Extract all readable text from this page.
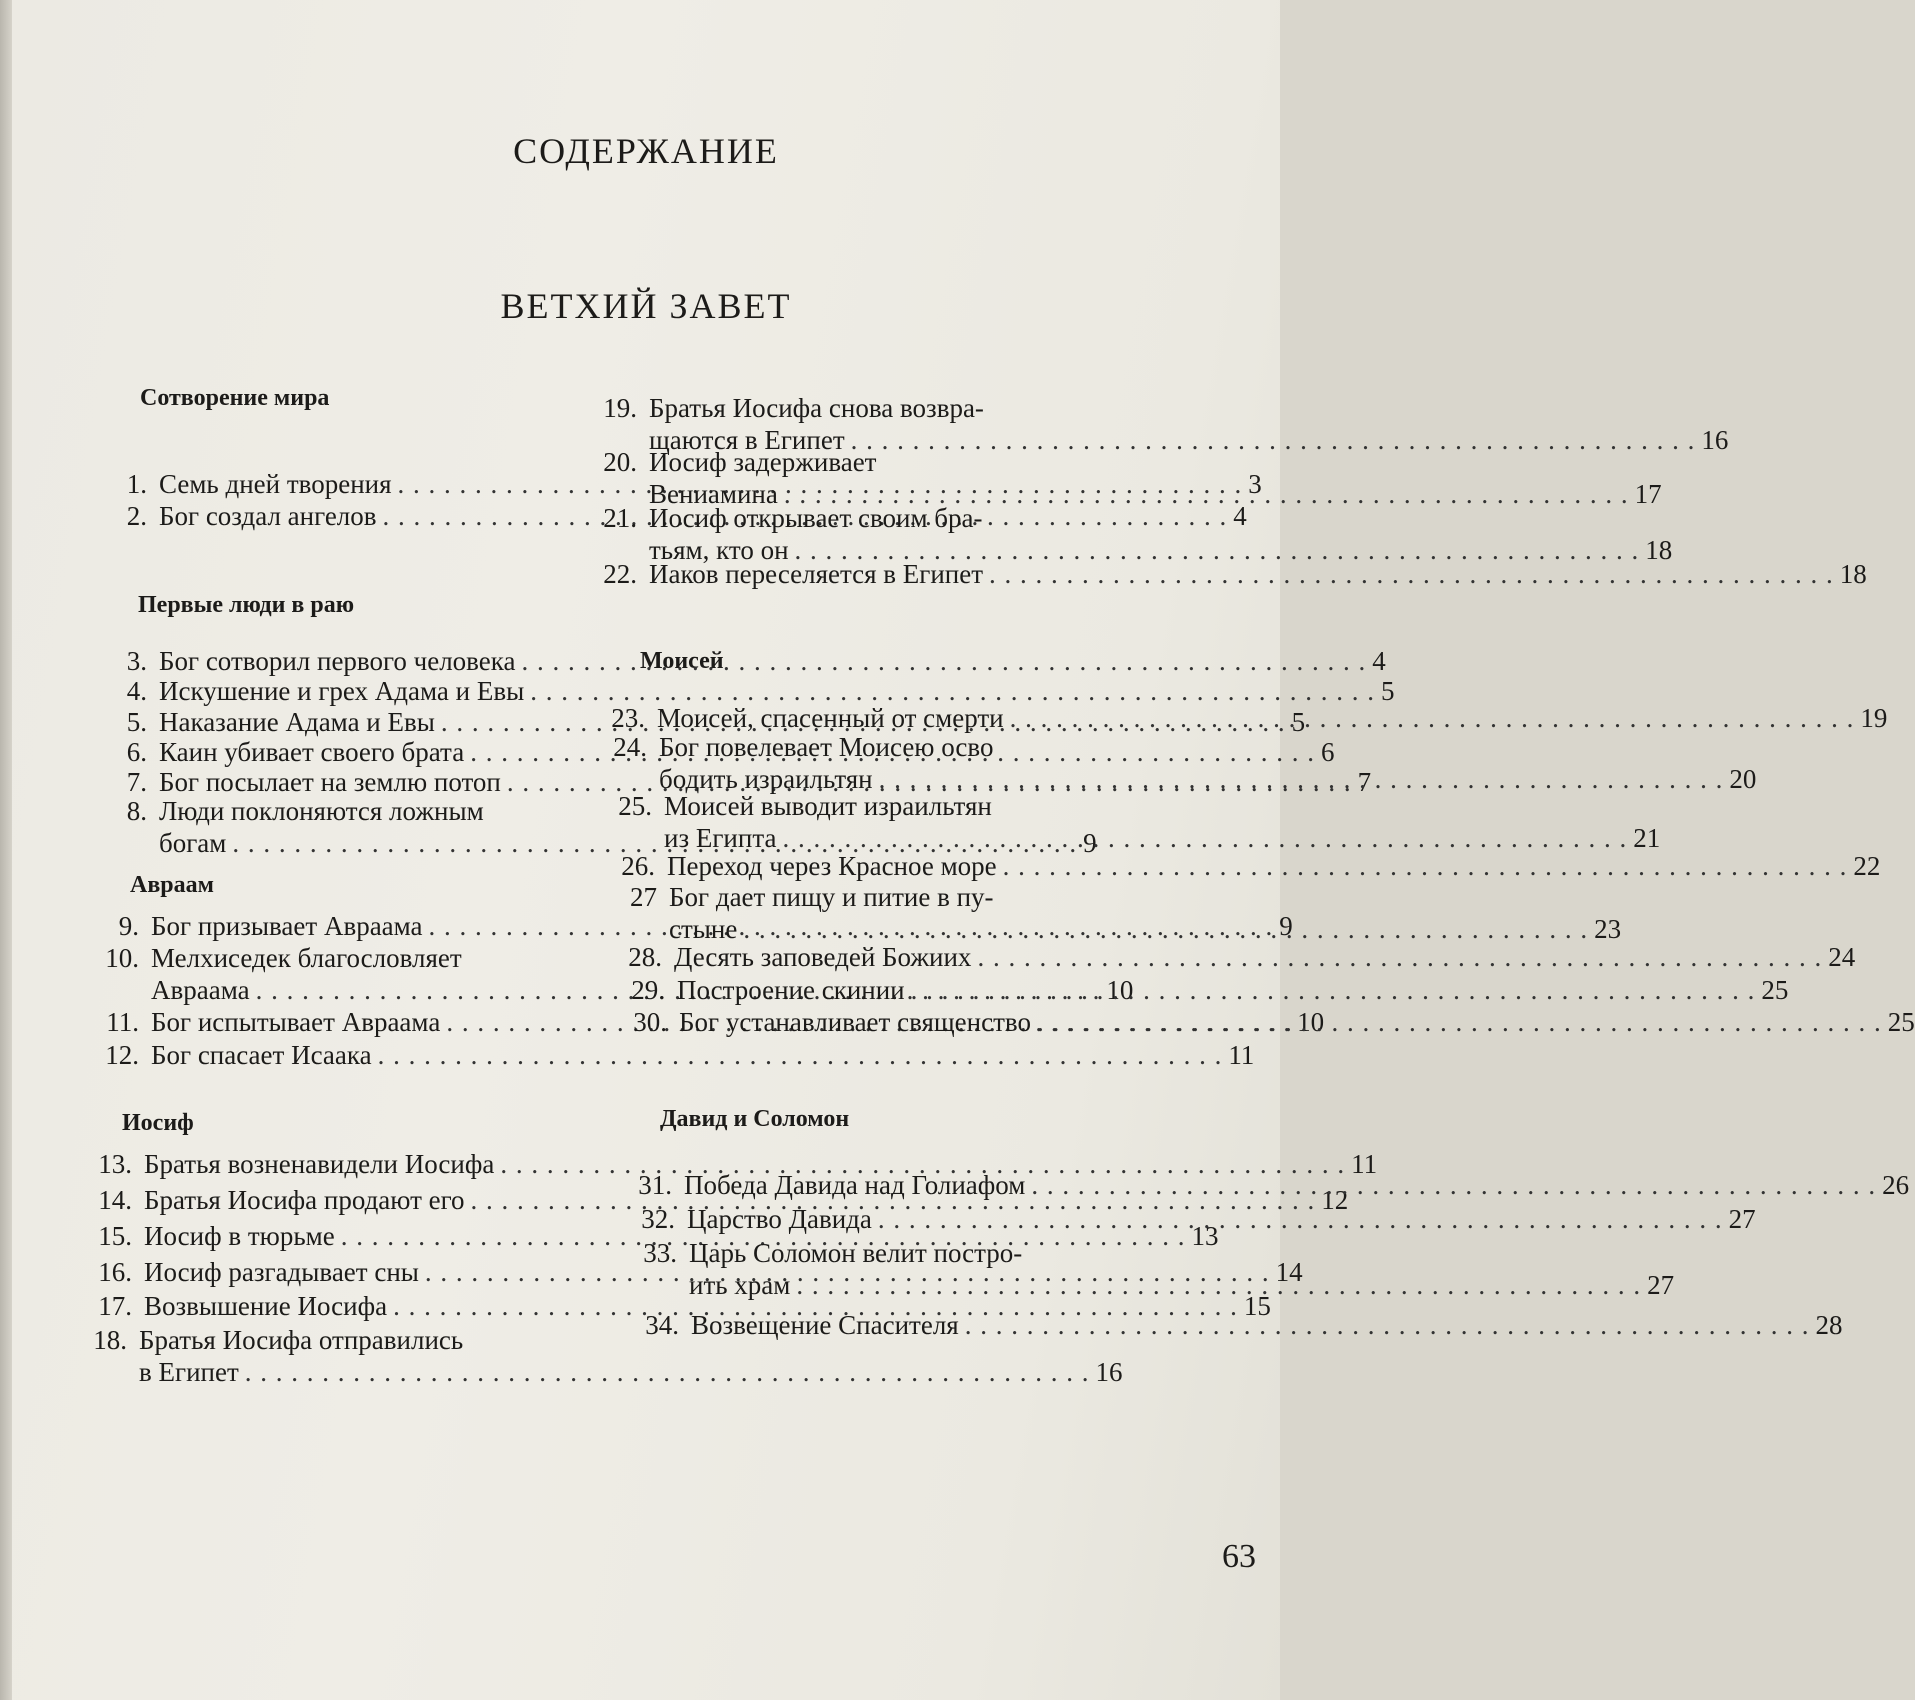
СОДЕРЖАНИЕ
ВЕТХИЙ ЗАВЕТ
Сотворение мира
Первые люди в раю
Авраам
Иосиф
Моисей
Давид и Соломон
1. Семь дней творения . . .	3
2. Бог создал ангелов . . .	4
3. Бог сотворил первого человека . . .	4
4. Искушение и грех Адама и Евы . . .	5
5. Наказание Адама и Евы . . .	5
6. Каин убивает своего брата . . .	6
7. Бог посылает на землю потоп . . .	7
8. Люди поклоняются ложным
богам . . .	9
9. Бог призывает Авраама . . .	9
10. Мелхиседек благословляет
Авраама . . .	10
11. Бог испытывает Авраама . . .	10
12. Бог спасает Исаака . . .	11
13. Братья возненавидели Иосифа . . .	11
14. Братья Иосифа продают его . . .	12
15. Иосиф в тюрьме . . .	13
16. Иосиф разгадывает сны . . .	14
17. Возвышение Иосифа . . .	15
18. Братья Иосифа отправились
в Египет . . .	16
19. Братья Иосифа снова возвра-
щаются в Египет . . .	16
20. Иосиф задерживает
Вениамина . . .	17
21. Иосиф открывает своим бра-
тьям, кто он . . .	18
22. Иаков переселяется в Египет . . .	18
23. Моисей, спасенный от смерти . . .	19
24. Бог повелевает Моисею осво
бодить израильтян . . .	20
25. Моисей выводит израильтян
из Египта . . .	21
26. Переход через Красное море . . .	22
27 Бог дает пищу и питие в пу-
стыне . . .	23
28. Десять заповедей Божиих . . .	24
29. Построение скинии . . .	25
30. Бог устанавливает священство . . .	25
31. Победа Давида над Голиафом . . .	26
32. Царство Давида . . .	27
33. Царь Соломон велит постро-
ить храм . . .	27
34. Возвещение Спасителя . . .	28
63
